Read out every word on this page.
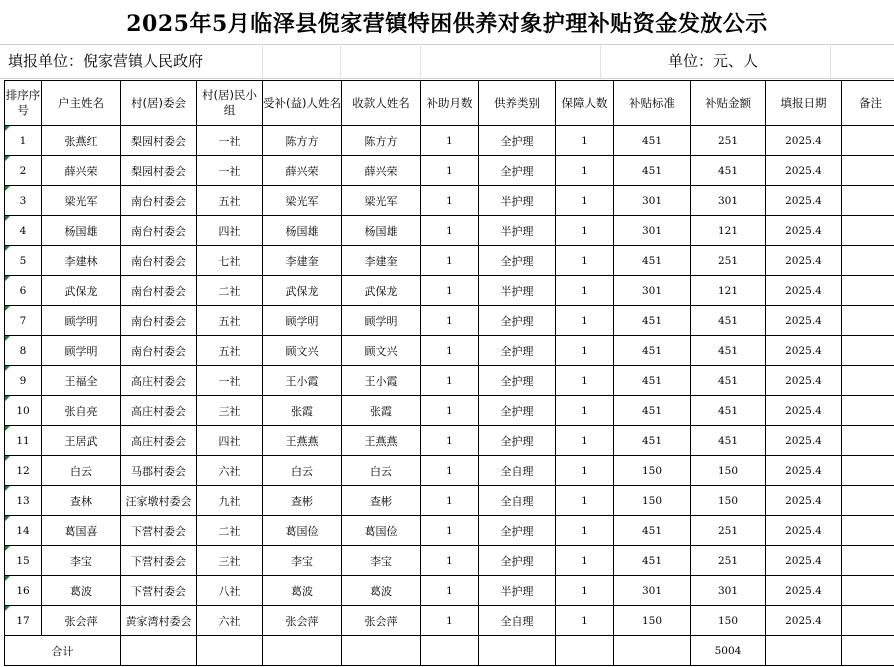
2025年5月临泽县倪家营镇特困供养对象护理补贴资金发放公示
填报单位：倪家营镇人民政府	单位：元、人
排序序号	户主姓名	村(居)委会	村(居)民小组	受补(益)人姓名	收款人姓名	补助月数	供养类别	保障人数	补贴标准	补贴金额	填报日期	备注
1	张燕红	梨园村委会	一社	陈方方	陈方方	1	全护理	1	451	251	2025.4	
2	薛兴荣	梨园村委会	一社	薛兴荣	薛兴荣	1	全护理	1	451	451	2025.4	
3	梁光军	南台村委会	五社	梁光军	梁光军	1	半护理	1	301	301	2025.4	
4	杨国雄	南台村委会	四社	杨国雄	杨国雄	1	半护理	1	301	121	2025.4	
5	李建林	南台村委会	七社	李建奎	李建奎	1	全护理	1	451	251	2025.4	
6	武保龙	南台村委会	二社	武保龙	武保龙	1	半护理	1	301	121	2025.4	
7	顾学明	南台村委会	五社	顾学明	顾学明	1	全护理	1	451	451	2025.4	
8	顾学明	南台村委会	五社	顾文兴	顾文兴	1	全护理	1	451	451	2025.4	
9	王福全	高庄村委会	一社	王小霞	王小霞	1	全护理	1	451	451	2025.4	
10	张自亮	高庄村委会	三社	张霞	张霞	1	全护理	1	451	451	2025.4	
11	王居武	高庄村委会	四社	王燕燕	王燕燕	1	全护理	1	451	451	2025.4	
12	白云	马郡村委会	六社	白云	白云	1	全自理	1	150	150	2025.4	
13	查林	汪家墩村委会	九社	查彬	查彬	1	全自理	1	150	150	2025.4	
14	葛国喜	下营村委会	二社	葛国俭	葛国俭	1	全护理	1	451	251	2025.4	
15	李宝	下营村委会	三社	李宝	李宝	1	全护理	1	451	251	2025.4	
16	葛波	下营村委会	八社	葛波	葛波	1	半护理	1	301	301	2025.4	
17	张会萍	黄家湾村委会	六社	张会萍	张会萍	1	全自理	1	150	150	2025.4	
合计										5004		
